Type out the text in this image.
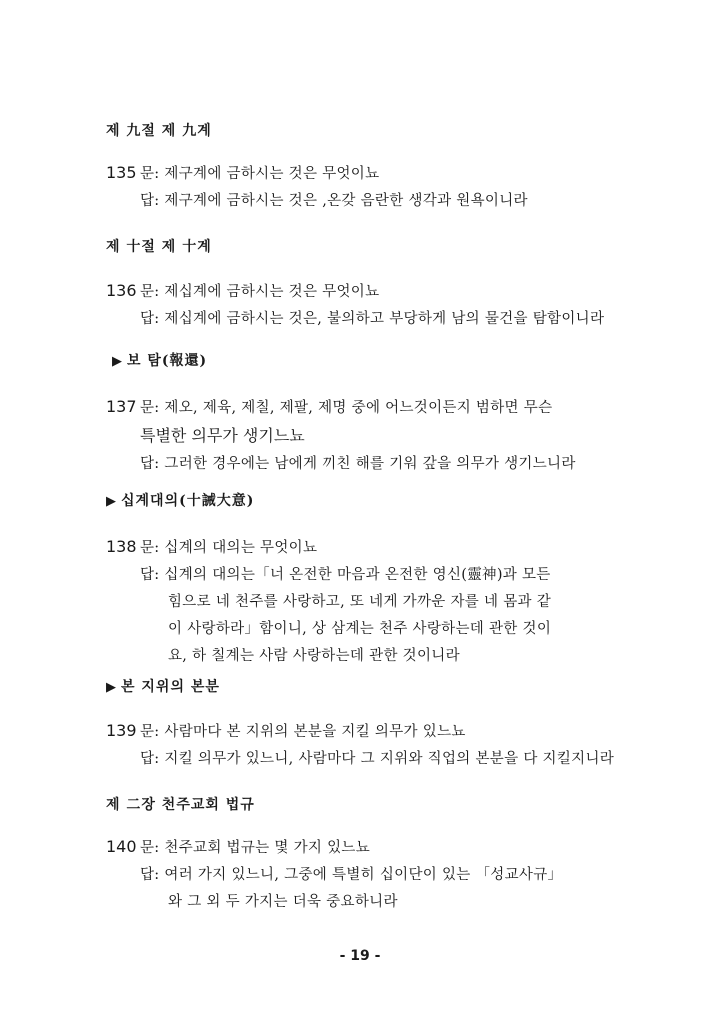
제 九절 제 九계
135 문: 제구계에 금하시는 것은 무엇이뇨
답: 제구계에 금하시는 것은 ,온갖 음란한 생각과 원욕이니라
제 十절 제 十계
136 문: 제십계에 금하시는 것은 무엇이뇨
답: 제십계에 금하시는 것은, 불의하고 부당하게 남의 물건을 탐함이니라
▶ 보 탐(報還)
137 문: 제오, 제육, 제칠, 제팔, 제명 중에 어느것이든지 범하면 무슨
특별한 의무가 생기느뇨
답: 그러한 경우에는 남에게 끼친 해를 기워 갚을 의무가 생기느니라
▶ 십계대의(十誡大意)
138 문: 십계의 대의는 무엇이뇨
답: 십계의 대의는「너 온전한 마음과 온전한 영신(靈神)과 모든
힘으로 네 천주를 사랑하고, 또 네게 가까운 자를 네 몸과 같
이 사랑하라」함이니, 상 삼계는 천주 사랑하는데 관한 것이
요, 하 칠계는 사람 사랑하는데 관한 것이니라
▶ 본 지위의 본분
139 문: 사람마다 본 지위의 본분을 지킬 의무가 있느뇨
답: 지킬 의무가 있느니, 사람마다 그 지위와 직업의 본분을 다 지킬지니라
제 二장 천주교회 법규
140 문: 천주교회 법규는 몇 가지 있느뇨
답: 여러 가지 있느니, 그중에 특별히 십이단이 있는 「성교사규」
와 그 외 두 가지는 더욱 중요하니라
- 19 -
